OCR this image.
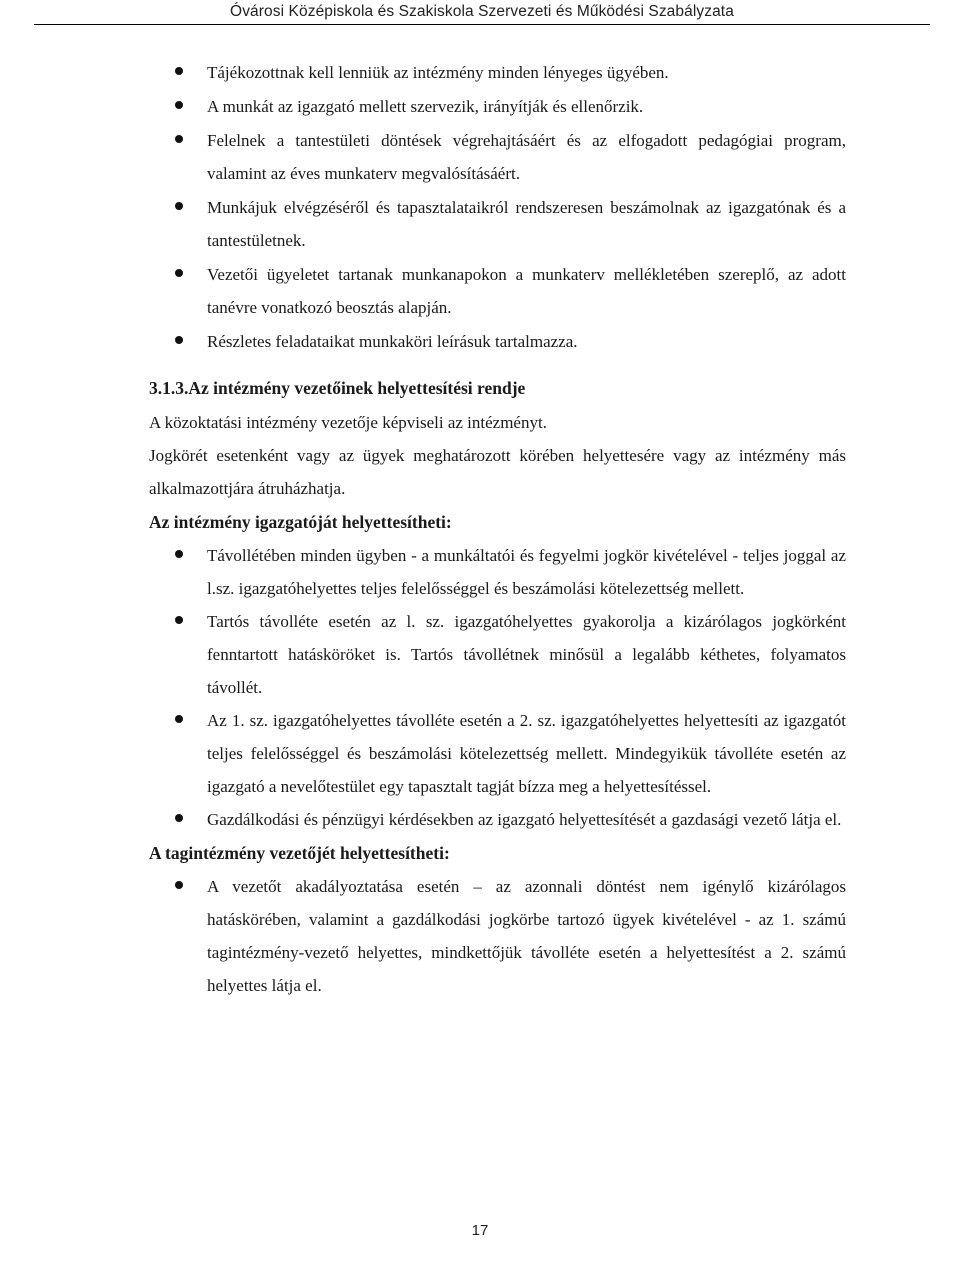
Óvárosi Középiskola és Szakiskola Szervezeti és Működési Szabályzata
Tájékozottnak kell lenniük az intézmény minden lényeges ügyében.
A munkát az igazgató mellett szervezik, irányítják és ellenőrzik.
Felelnek a tantestületi döntések végrehajtásáért és az elfogadott pedagógiai program, valamint az éves munkaterv megvalósításáért.
Munkájuk elvégzéséről és tapasztalataikról rendszeresen beszámolnak az igazgatónak és a tantestületnek.
Vezetői ügyeletet tartanak munkanapokon a munkaterv mellékletében szereplő, az adott tanévre vonatkozó beosztás alapján.
Részletes feladataikat munkaköri leírásuk tartalmazza.
3.1.3.Az intézmény vezetőinek helyettesítési rendje

A közoktatási intézmény vezetője képviseli az intézményt.

Jogkörét esetenként vagy az ügyek meghatározott körében helyettesére vagy az intézmény más alkalmazottjára átruházhatja.

Az intézmény igazgatóját helyettesítheti:
Távollétében minden ügyben - a munkáltatói és fegyelmi jogkör kivételével - teljes joggal az l.sz. igazgatóhelyettes teljes felelősséggel és beszámolási kötelezettség mellett.
Tartós távolléte esetén az l. sz. igazgatóhelyettes gyakorolja a kizárólagos jogkörként fenntartott hatásköröket is. Tartós távollétnek minősül a legalább kéthetes, folyamatos távollét.
Az 1. sz. igazgatóhelyettes távolléte esetén a 2. sz. igazgatóhelyettes helyettesíti az igazgatót teljes felelősséggel és beszámolási kötelezettség mellett. Mindegyikük távolléte esetén az igazgató a nevelőtestület egy tapasztalt tagját bízza meg a helyettesítéssel.
Gazdálkodási és pénzügyi kérdésekben az igazgató helyettesítését a gazdasági vezető látja el.
A tagintézmény vezetőjét helyettesítheti:
A vezetőt akadályoztatása esetén – az azonnali döntést nem igénylő kizárólagos hatáskörében, valamint a gazdálkodási jogkörbe tartozó ügyek kivételével - az 1. számú tagintézmény-vezető helyettes, mindkettőjük távolléte esetén a helyettesítést a 2. számú helyettes látja el.
17
